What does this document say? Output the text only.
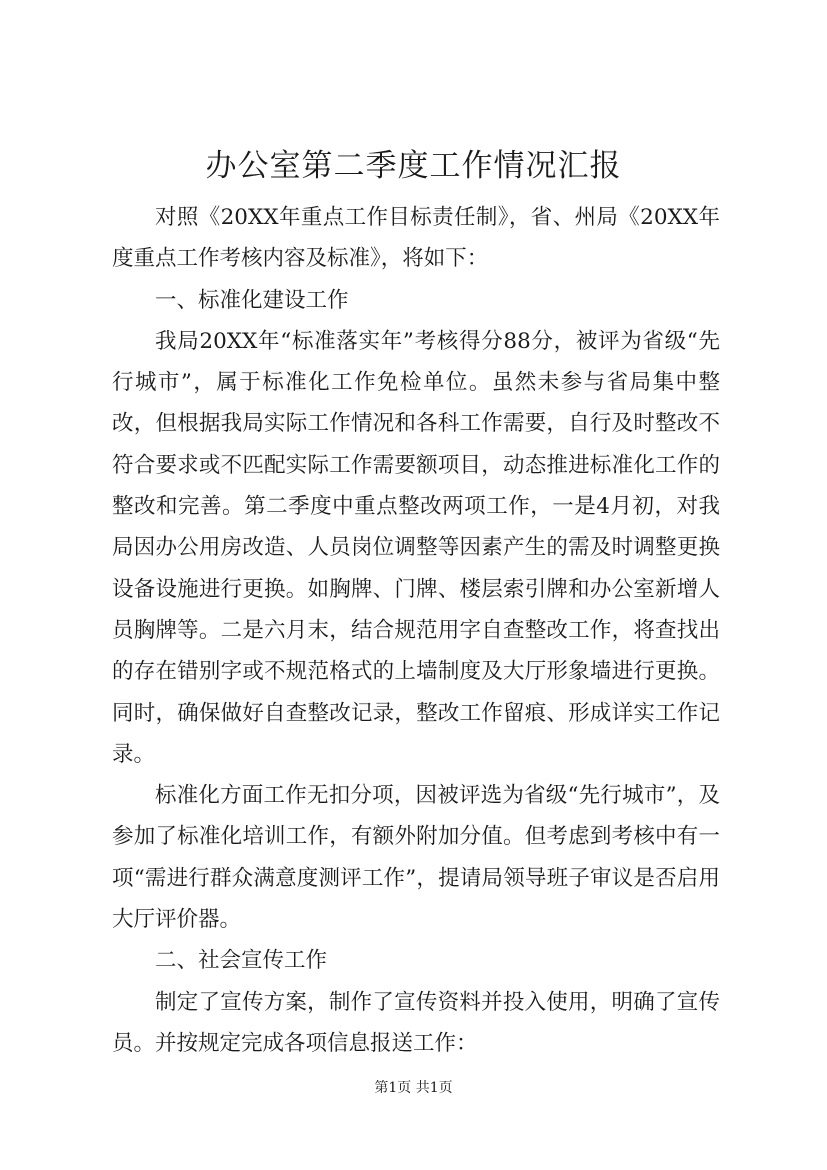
办公室第二季度工作情况汇报

对照《20XX年重点工作目标责任制》，省、州局《20XX年度重点工作考核内容及标准》，将如下：

一、标准化建设工作

我局20XX年“标准落实年”考核得分88分，被评为省级“先行城市”，属于标准化工作免检单位。虽然未参与省局集中整改，但根据我局实际工作情况和各科工作需要，自行及时整改不符合要求或不匹配实际工作需要额项目，动态推进标准化工作的整改和完善。第二季度中重点整改两项工作，一是4月初，对我局因办公用房改造、人员岗位调整等因素产生的需及时调整更换设备设施进行更换。如胸牌、门牌、楼层索引牌和办公室新增人员胸牌等。二是六月末，结合规范用字自查整改工作，将查找出的存在错别字或不规范格式的上墙制度及大厅形象墙进行更换。同时，确保做好自查整改记录，整改工作留痕、形成详实工作记录。

标准化方面工作无扣分项，因被评选为省级“先行城市”，及参加了标准化培训工作，有额外附加分值。但考虑到考核中有一项“需进行群众满意度测评工作”，提请局领导班子审议是否启用大厅评价器。

二、社会宣传工作

制定了宣传方案，制作了宣传资料并投入使用，明确了宣传员。并按规定完成各项信息报送工作：

第1页 共1页
